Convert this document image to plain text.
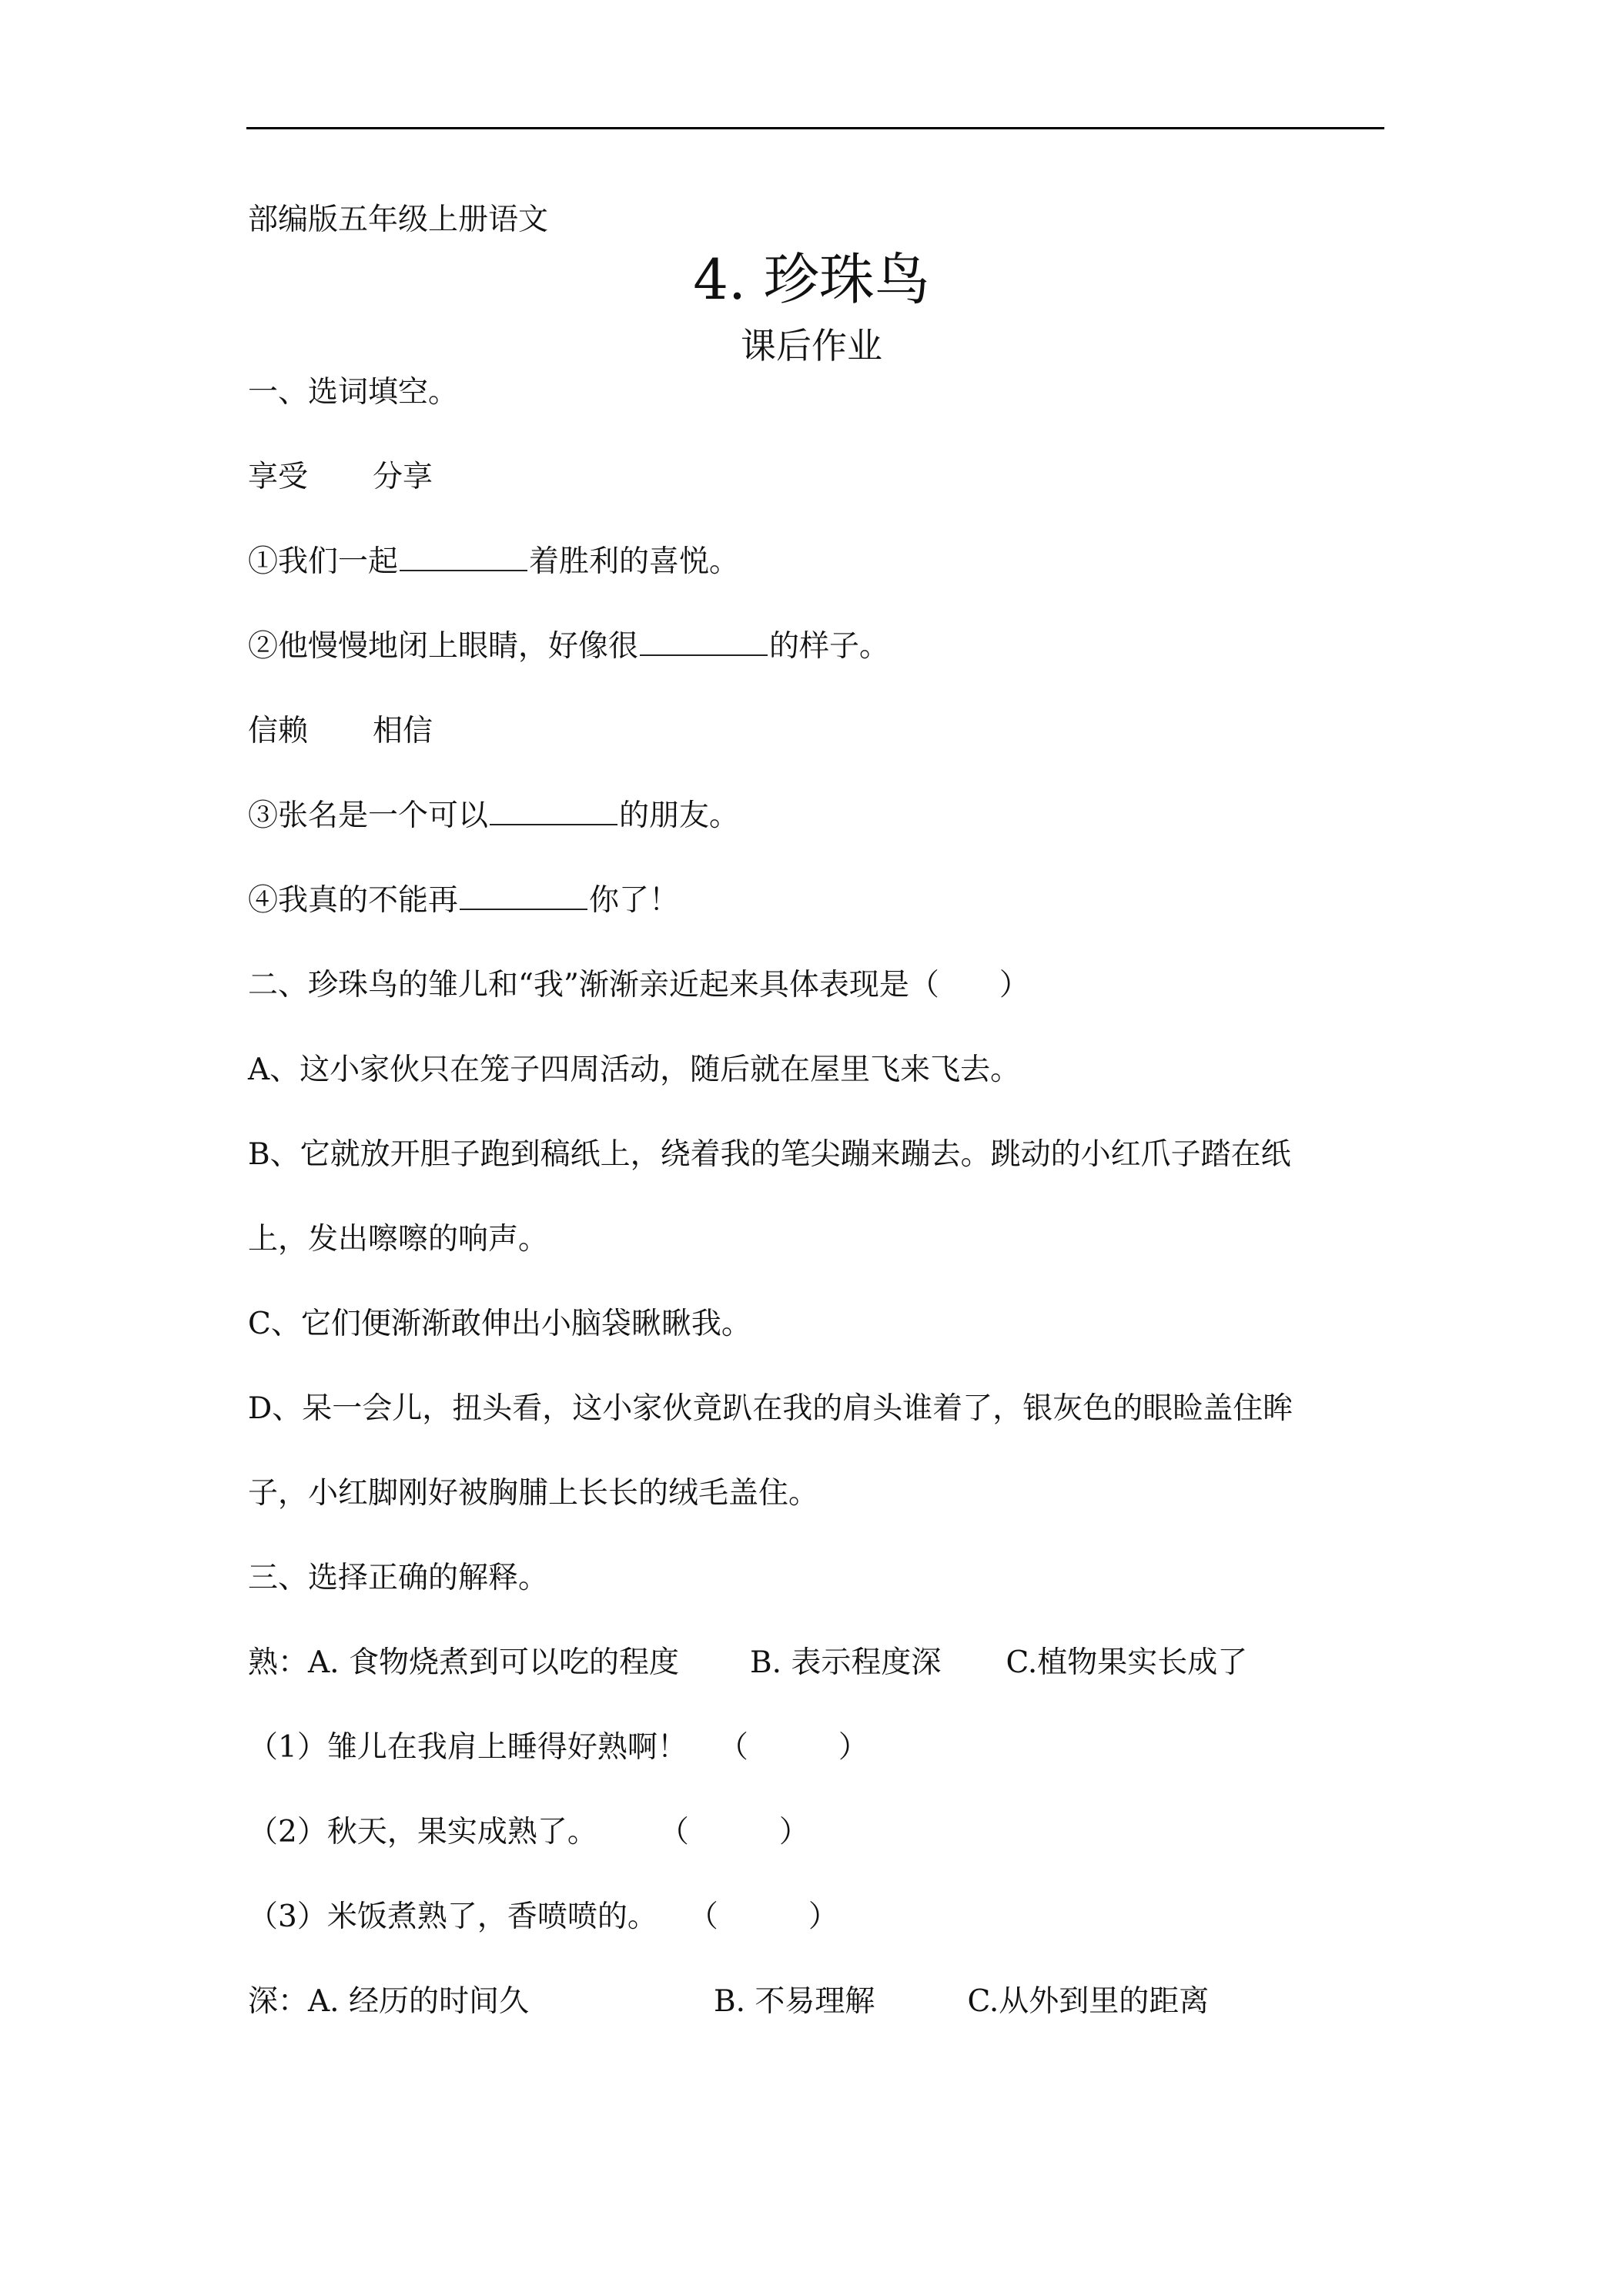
部编版五年级上册语文
4. 珍珠鸟
课后作业
一、选词填空。
享受 分享
①我们一起	着胜利的喜悦。
②他慢慢地闭上眼睛，好像很	的样子。
信赖 相信
③张名是一个可以	的朋友。
④我真的不能再	你了！
二、珍珠鸟的雏儿和“我”渐渐亲近起来具体表现是（　　）
A、这小家伙只在笼子四周活动，随后就在屋里飞来飞去。
B、它就放开胆子跑到稿纸上，绕着我的笔尖蹦来蹦去。跳动的小红爪子踏在纸
上，发出嚓嚓的响声。
C、它们便渐渐敢伸出小脑袋瞅瞅我。
D、呆一会儿，扭头看，这小家伙竟趴在我的肩头谁着了，银灰色的眼睑盖住眸
子，小红脚刚好被胸脯上长长的绒毛盖住。
三、选择正确的解释。
熟：A. 食物烧煮到可以吃的程度 B. 表示程度深 C.植物果实长成了
（1）雏儿在我肩上睡得好熟啊！ （　　　）
（2）秋天，果实成熟了。 （　　　）
（3）米饭煮熟了，香喷喷的。 （　　　）
深：A. 经历的时间久	B. 不易理解	C.从外到里的距离
